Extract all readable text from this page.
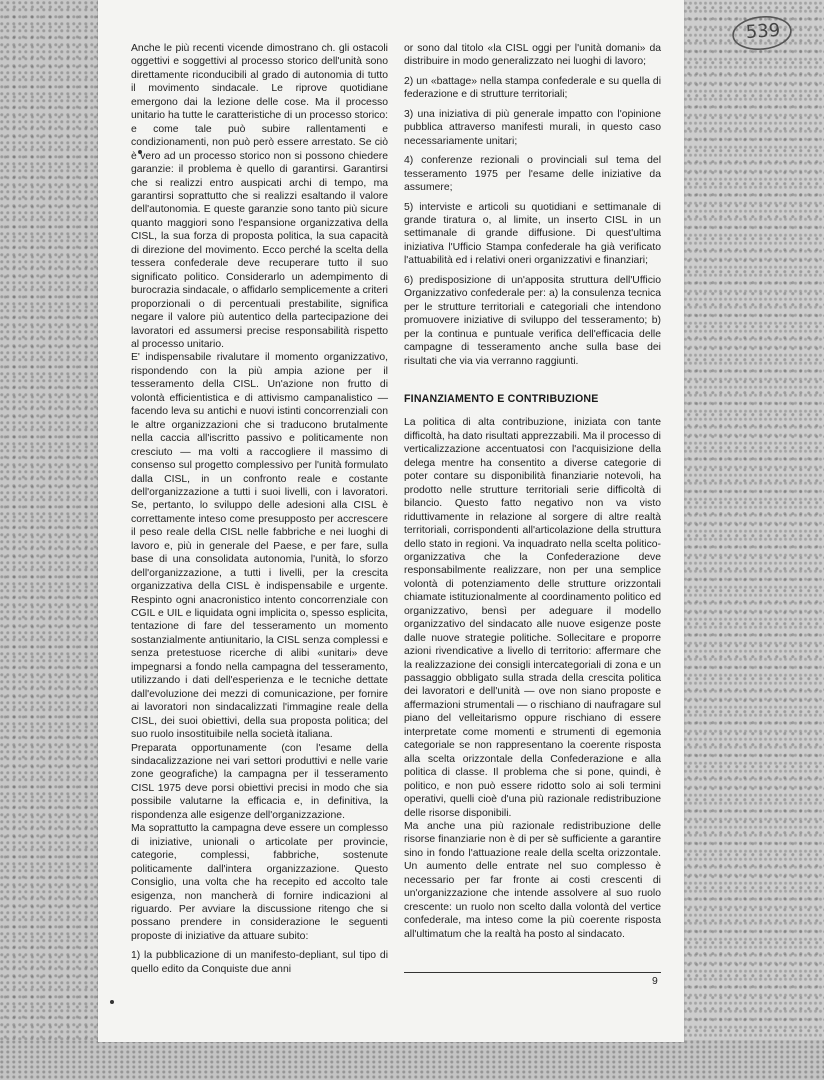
539

Anche le più recenti vicende dimostrano ch. gli ostacoli oggettivi e soggettivi al processo storico dell'unità sono direttamente riconducibili al grado di autonomia di tutto il movimento sindacale. Le riprove quotidiane emergono dai la lezione delle cose. Ma il processo unitario ha tutte le caratteristiche di un processo storico: e come tale può subire rallentamenti e condizionamenti, non può però essere arrestato. Se ciò è vero ad un processo storico non si possono chiedere garanzie: il problema è quello di garantirsi. Garantirsi che si realizzi entro auspicati archi di tempo, ma garantirsi soprattutto che si realizzi esaltando il valore dell'autonomia. E queste garanzie sono tanto più sicure quanto maggiori sono l'espansione organizzativa della CISL, la sua forza di proposta politica, la sua capacità di direzione del movimento. Ecco perché la scelta della tessera confederale deve recuperare tutto il suo significato politico. Considerarlo un adempimento di burocrazia sindacale, o affidarlo semplicemente a criteri proporzionali o di percentuali prestabilite, significa negare il valore più autentico della partecipazione dei lavoratori ed assumersi precise responsabilità rispetto al processo unitario.

E' indispensabile rivalutare il momento organizzativo, rispondendo con la più ampia azione per il tesseramento della CISL. Un'azione non frutto di volontà efficientistica e di attivismo campanalistico — facendo leva su antichi e nuovi istinti concorrenziali con le altre organizzazioni che si traducono brutalmente nella caccia all'iscritto passivo e politicamente non cresciuto — ma volti a raccogliere il massimo di consenso sul progetto complessivo per l'unità formulato dalla CISL, in un confronto reale e costante dell'organizzazione a tutti i suoi livelli, con i lavoratori. Se, pertanto, lo sviluppo delle adesioni alla CISL è correttamente inteso come presupposto per accrescere il peso reale della CISL nelle fabbriche e nei luoghi di lavoro e, più in generale del Paese, e per fare, sulla base di una consolidata autonomia, l'unità, lo sforzo dell'organizzazione, a tutti i livelli, per la crescita organizzativa della CISL è indispensabile e urgente. Respinto ogni anacronistico intento concorrenziale con CGIL e UIL e liquidata ogni implicita o, spesso esplicita, tentazione di fare del tesseramento un momento sostanzialmente antiunitario, la CISL senza complessi e senza pretestuose ricerche di alibi «unitari» deve impegnarsi a fondo nella campagna del tesseramento, utilizzando i dati dell'esperienza e le tecniche dettate dall'evoluzione dei mezzi di comunicazione, per fornire ai lavoratori non sindacalizzati l'immagine reale della CISL, dei suoi obiettivi, della sua proposta politica; del suo ruolo insostituibile nella società italiana.

Preparata opportunamente (con l'esame della sindacalizzazione nei vari settori produttivi e nelle varie zone geografiche) la campagna per il tesseramento CISL 1975 deve porsi obiettivi precisi in modo che sia possibile valutarne la efficacia e, in definitiva, la rispondenza alle esigenze dell'organizzazione.

Ma soprattutto la campagna deve essere un complesso di iniziative, unionali o articolate per provincie, categorie, complessi, fabbriche, sostenute politicamente dall'intera organizzazione. Questo Consiglio, una volta che ha recepito ed accolto tale esigenza, non mancherà di fornire indicazioni al riguardo. Per avviare la discussione ritengo che si possano prendere in considerazione le seguenti proposte di iniziative da attuare subito:

1) la pubblicazione di un manifesto-depliant, sul tipo di quello edito da Conquiste due anni

or sono dal titolo «la CISL oggi per l'unità domani» da distribuire in modo generalizzato nei luoghi di lavoro;

2) un «battage» nella stampa confederale e su quella di federazione e di strutture territoriali;

3) una iniziativa di più generale impatto con l'opinione pubblica attraverso manifesti murali, in questo caso necessariamente unitari;

4) conferenze rezionali o provinciali sul tema del tesseramento 1975 per l'esame delle iniziative da assumere;

5) interviste e articoli su quotidiani e settimanale di grande tiratura o, al limite, un inserto CISL in un settimanale di grande diffusione. Di quest'ultima iniziativa l'Ufficio Stampa confederale ha già verificato l'attuabilità ed i relativi oneri organizzativi e finanziari;

6) predisposizione di un'apposita struttura dell'Ufficio Organizzativo confederale per: a) la consulenza tecnica per le strutture territoriali e categoriali che intendono promuovere iniziative di sviluppo del tesseramento; b) per la continua e puntuale verifica dell'efficacia delle campagne di tesseramento anche sulla base dei risultati che via via verranno raggiunti.

FINANZIAMENTO E CONTRIBUZIONE

La politica di alta contribuzione, iniziata con tante difficoltà, ha dato risultati apprezzabili. Ma il processo di verticalizzazione accentuatosi con l'acquisizione della delega mentre ha consentito a diverse categorie di poter contare su disponibilità finanziarie notevoli, ha prodotto nelle strutture territoriali serie difficoltà di bilancio. Questo fatto negativo non va visto riduttivamente in relazione al sorgere di altre realtà territoriali, corrispondenti all'articolazione della struttura dello stato in regioni. Va inquadrato nella scelta politico-organizzativa che la Confederazione deve responsabilmente realizzare, non per una semplice volontà di potenziamento delle strutture orizzontali chiamate istituzionalmente al coordinamento politico ed organizzativo, bensì per adeguare il modello organizzativo del sindacato alle nuove esigenze poste dalle nuove strategie politiche. Sollecitare e proporre azioni rivendicative a livello di territorio: affermare che la realizzazione dei consigli intercategoriali di zona e un passaggio obbligato sulla strada della crescita politica dei lavoratori e dell'unità — ove non siano proposte e affermazioni strumentali — o rischiano di naufragare sul piano del velleitarismo oppure rischiano di essere interpretate come momenti e strumenti di egemonia categoriale se non rappresentano la coerente risposta alla scelta orizzontale della Confederazione e alla politica di classe. Il problema che si pone, quindi, è politico, e non può essere ridotto solo ai soli termini operativi, quelli cioè d'una più razionale redistribuzione delle risorse disponibili.

Ma anche una più razionale redistribuzione delle risorse finanziarie non è di per sè sufficiente a garantire sino in fondo l'attuazione reale della scelta orizzontale. Un aumento delle entrate nel suo complesso è necessario per far fronte ai costi crescenti di un'organizzazione che intende assolvere al suo ruolo crescente: un ruolo non scelto dalla volontà del vertice confederale, ma inteso come la più coerente risposta all'ultimatum che la realtà ha posto al sindacato.

9
